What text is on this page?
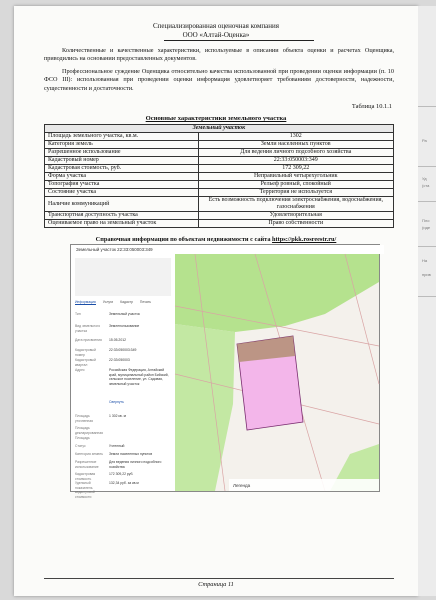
Специализированная оценочная компания
ООО «Алтай-Оценка»
Количественные и качественные характеристики, используемые в описании объекта оценки и расчетах Оценщика, приводились на основании предоставленных документов.
Профессиональное суждение Оценщика относительно качества использованной при проведении оценки информации (п. 10 ФСО III): использованная при проведении оценки информация удовлетворяет требованиям достоверности, надежности, существенности и достаточности.
Таблица 10.1.1
Основные характеристики земельного участка
Земельный участок	
Площадь земельного участка, кв.м.	1302
Категория земель	Земли населенных пунктов
Разрешенное использование	Для ведения личного подсобного хозяйства
Кадастровый номер	22:33:050003:349
Кадастровая стоимость, руб.	172 309,22
Форма участка	Неправильный четырехугольник
Топография участка	Рельеф ровный, спокойный
Состояние участка	Территория не используется
Наличие коммуникаций	Есть возможность подключения электроснабжения, водоснабжения, газоснабжения
Транспортная доступность участка	Удовлетворительная
Оцениваемое право на земельный участок	Право собственности
Справочная информации по объектам недвижимости с сайта https://pkk.rosreestr.ru/
Земельный участок 22:33:050003:349
Информация Услуги Кадастр Печать
Тип	Земельный участок
Вид земельного участка
Землепользование
Дата присвоения	15.05.2012
Кадастровый номер
22:33:050003:349
Кадастровый квартал
22:33:050003
Адрес	Российская Федерация, Алтайский край, муниципальный район Бийский, сельское поселение, ул. Садовая, земельный участок
Свернуть
Площадь уточненная
1 302 кв. м
Площадь декларированная
Площадь
Статус	Учтенный
Категория земель	Земли населенных пунктов
Разрешенное использование
Для ведения личного подсобного хозяйства
Кадастровая стоимость
172 309,22 руб.
Удельный показатель кадастровой стоимости
132,34 руб. за кв.м	Легенда
Страница 11
Ра
Уд
(ста
Пло
(иде
На
прив
